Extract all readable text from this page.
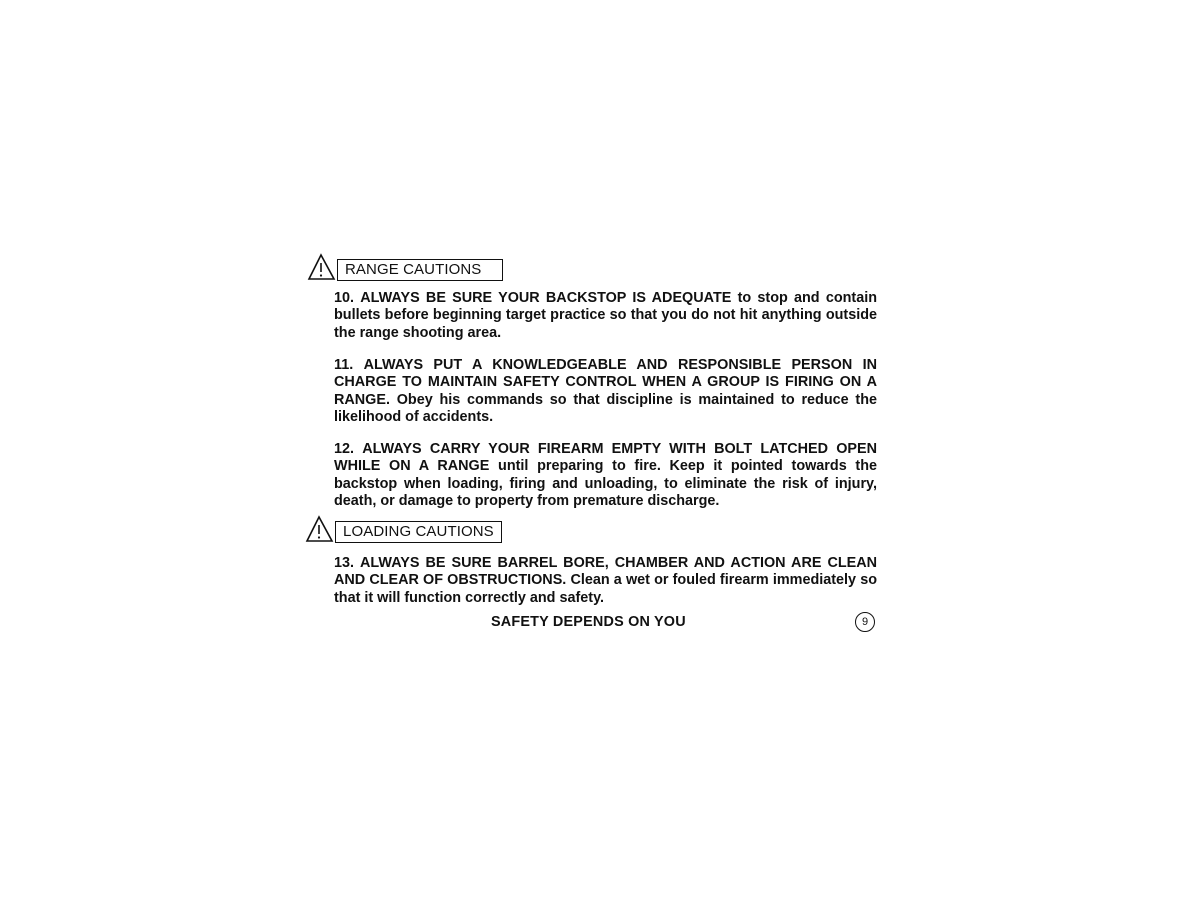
RANGE CAUTIONS
10. ALWAYS BE SURE YOUR BACKSTOP IS ADEQUATE to stop and contain bullets before beginning target practice so that you do not hit anything outside the range shooting area.
11. ALWAYS PUT A KNOWLEDGEABLE AND RESPONSIBLE PERSON IN CHARGE TO MAINTAIN SAFETY CONTROL WHEN A GROUP IS FIRING ON A RANGE. Obey his commands so that discipline is maintained to reduce the likelihood of accidents.
12. ALWAYS CARRY YOUR FIREARM EMPTY WITH BOLT LATCHED OPEN WHILE ON A RANGE until preparing to fire. Keep it pointed towards the backstop when loading, firing and unloading, to eliminate the risk of injury, death, or damage to property from premature discharge.
LOADING CAUTIONS
13. ALWAYS BE SURE BARREL BORE, CHAMBER AND ACTION ARE CLEAN AND CLEAR OF OBSTRUCTIONS. Clean a wet or fouled firearm immediately so that it will function correctly and safety.
SAFETY DEPENDS ON YOU	9
